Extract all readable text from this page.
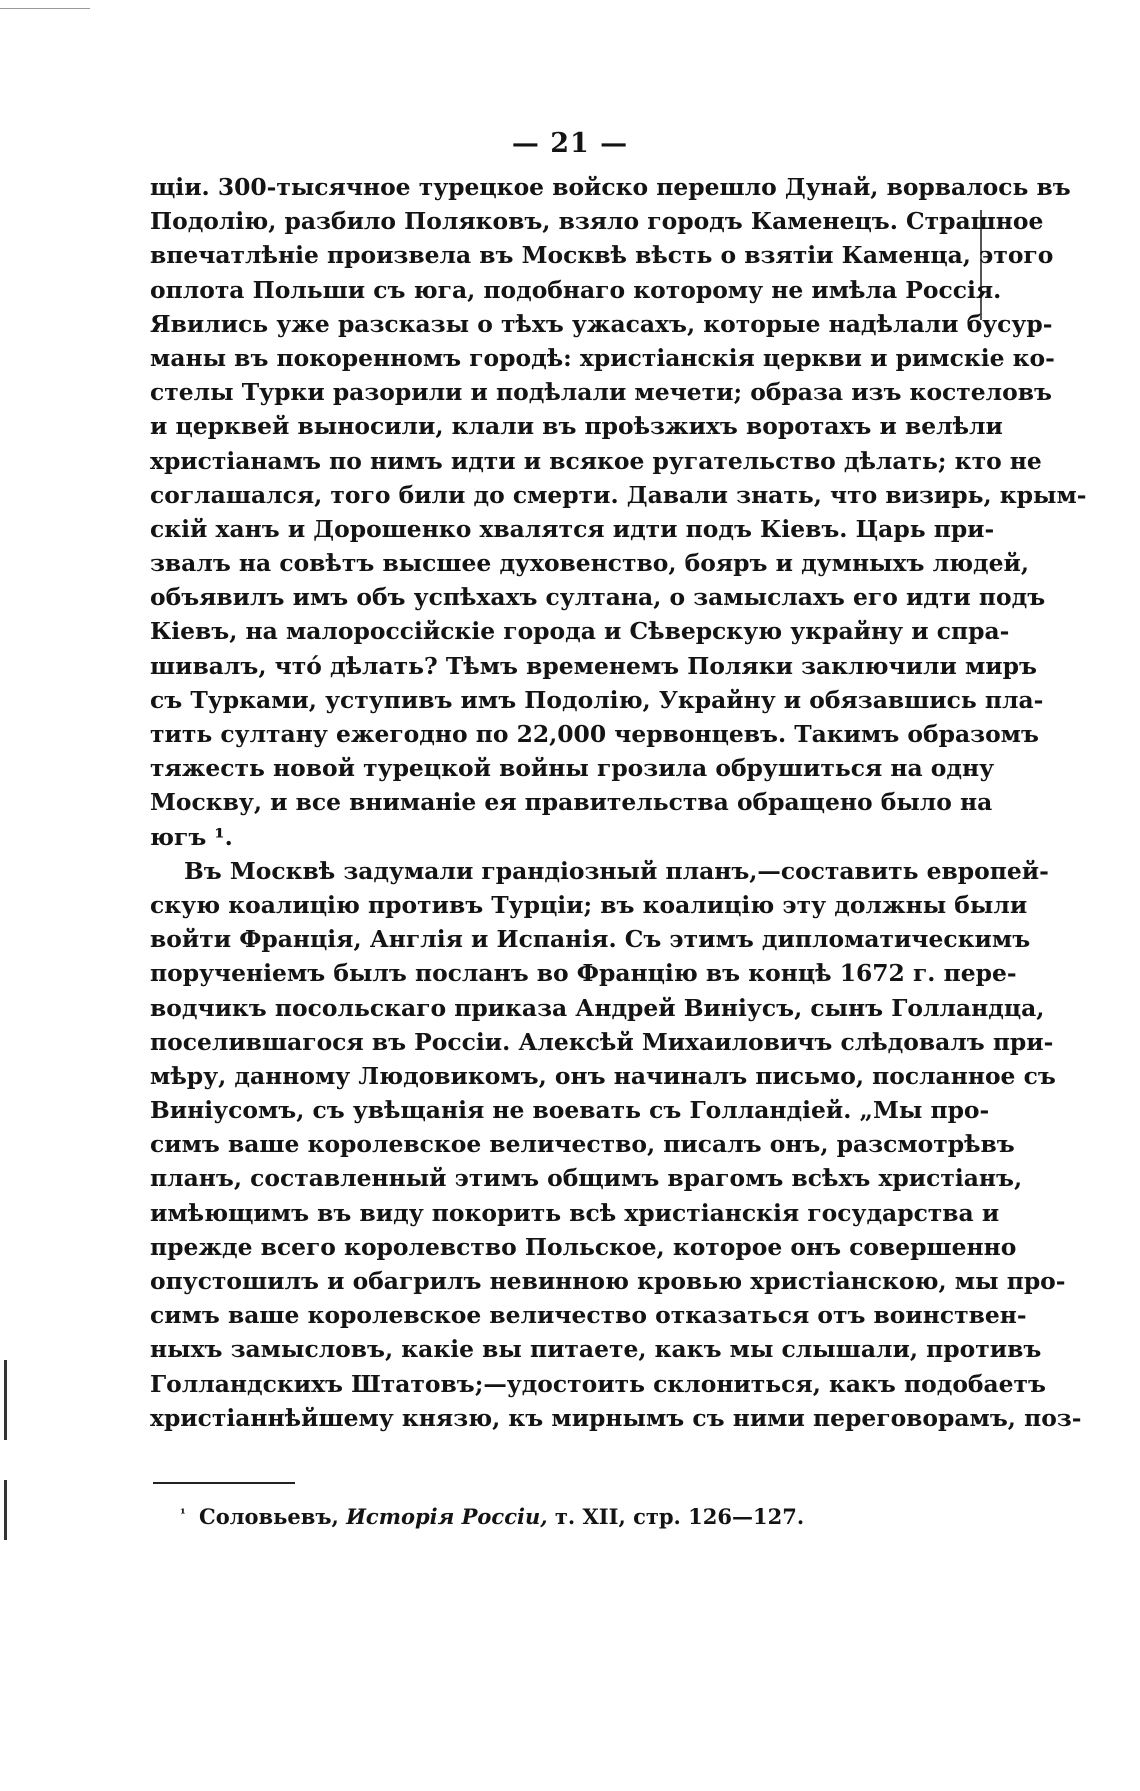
— 21 —
щіи. 300-тысячное турецкое войско перешло Дунай, ворвалось въ
Подолію, разбило Поляковъ, взяло городъ Каменецъ. Страшное
впечатлѣніе произвела въ Москвѣ вѣсть о взятіи Каменца, этого
оплота Польши съ юга, подобнаго которому не имѣла Россія.
Явились уже разсказы о тѣхъ ужасахъ, которые надѣлали бусур-
маны въ покоренномъ городѣ: христіанскія церкви и римскіе ко-
стелы Турки разорили и подѣлали мечети; образа изъ костеловъ
и церквей выносили, клали въ проѣзжихъ воротахъ и велѣли
христіанамъ по нимъ идти и всякое ругательство дѣлать; кто не
соглашался, того били до смерти. Давали знать, что визирь, крым-
скій ханъ и Дорошенко хвалятся идти подъ Кіевъ. Царь при-
звалъ на совѣтъ высшее духовенство, бояръ и думныхъ людей,
объявилъ имъ объ успѣхахъ султана, о замыслахъ его идти подъ
Кіевъ, на малороссійскіе города и Сѣверскую украйну и спра-
шивалъ, что́ дѣлать? Тѣмъ временемъ Поляки заключили миръ
съ Турками, уступивъ имъ Подолію, Украйну и обязавшись пла-
тить султану ежегодно по 22,000 червонцевъ. Такимъ образомъ
тяжесть новой турецкой войны грозила обрушиться на одну
Москву, и все вниманіе ея правительства обращено было на
югъ ¹.
Въ Москвѣ задумали грандіозный планъ,—составить европей-
скую коалицію противъ Турціи; въ коалицію эту должны были
войти Франція, Англія и Испанія. Съ этимъ дипломатическимъ
порученіемъ былъ посланъ во Францію въ концѣ 1672 г. пере-
водчикъ посольскаго приказа Андрей Виніусъ, сынъ Голландца,
поселившагося въ Россіи. Алексѣй Михаиловичъ слѣдовалъ при-
мѣру, данному Людовикомъ, онъ начиналъ письмо, посланное съ
Виніусомъ, съ увѣщанія не воевать съ Голландіей. „Мы про-
симъ ваше королевское величество, писалъ онъ, разсмотрѣвъ
планъ, составленный этимъ общимъ врагомъ всѣхъ христіанъ,
имѣющимъ въ виду покорить всѣ христіанскія государства и
прежде всего королевство Польское, которое онъ совершенно
опустошилъ и обагрилъ невинною кровью христіанскою, мы про-
симъ ваше королевское величество отказаться отъ воинствен-
ныхъ замысловъ, какіе вы питаете, какъ мы слышали, противъ
Голландскихъ Штатовъ;—удостоить склониться, какъ подобаетъ
христіаннѣйшему князю, къ мирнымъ съ ними переговорамъ, поз-
$^{^1}$ Соловьевъ, Исторія Россіи, т. XII, стр. 126—127.
